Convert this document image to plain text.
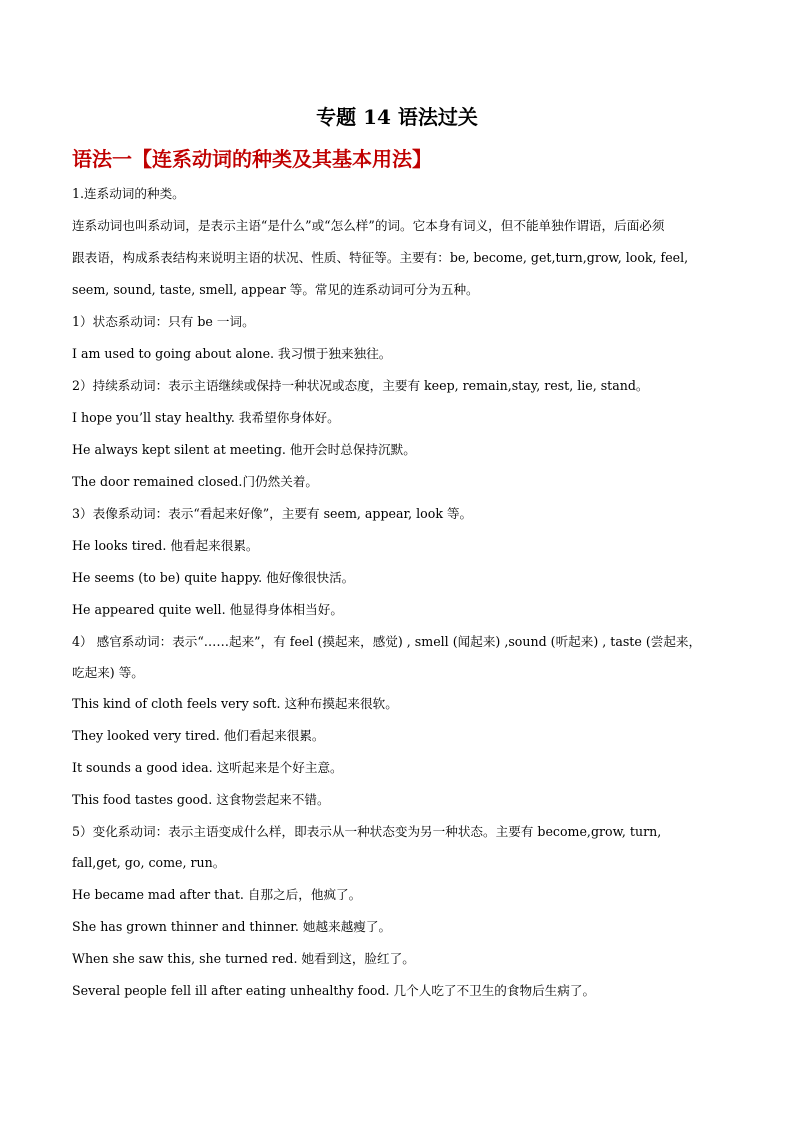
专题 14 语法过关
语法一【连系动词的种类及其基本用法】
1.连系动词的种类。
连系动词也叫系动词，是表示主语“是什么”或“怎么样”的词。它本身有词义，但不能单独作谓语，后面必须
跟表语，构成系表结构来说明主语的状况、性质、特征等。主要有：be, become, get,turn,grow, look, feel,
seem, sound, taste, smell, appear 等。常见的连系动词可分为五种。
1）状态系动词：只有 be 一词。
I am used to going about alone. 我习惯于独来独往。
2）持续系动词：表示主语继续或保持一种状况或态度，主要有 keep, remain,stay, rest, lie, stand。
I hope you’ll stay healthy. 我希望你身体好。
He always kept silent at meeting. 他开会时总保持沉默。
The door remained closed.门仍然关着。
3）表像系动词：表示“看起来好像”，主要有 seem, appear, look 等。
He looks tired. 他看起来很累。
He seems (to be) quite happy. 他好像很快活。
He appeared quite well. 他显得身体相当好。
4） 感官系动词：表示“……起来”，有 feel (摸起来，感觉) , smell (闻起来) ,sound (听起来) , taste (尝起来，
吃起来) 等。
This kind of cloth feels very soft. 这种布摸起来很软。
They looked very tired. 他们看起来很累。
It sounds a good idea. 这听起来是个好主意。
This food tastes good. 这食物尝起来不错。
5）变化系动词：表示主语变成什么样，即表示从一种状态变为另一种状态。主要有 become,grow, turn,
fall,get, go, come, run。
He became mad after that. 自那之后，他疯了。
She has grown thinner and thinner. 她越来越瘦了。
When she saw this, she turned red. 她看到这，脸红了。
Several people fell ill after eating unhealthy food. 几个人吃了不卫生的食物后生病了。
